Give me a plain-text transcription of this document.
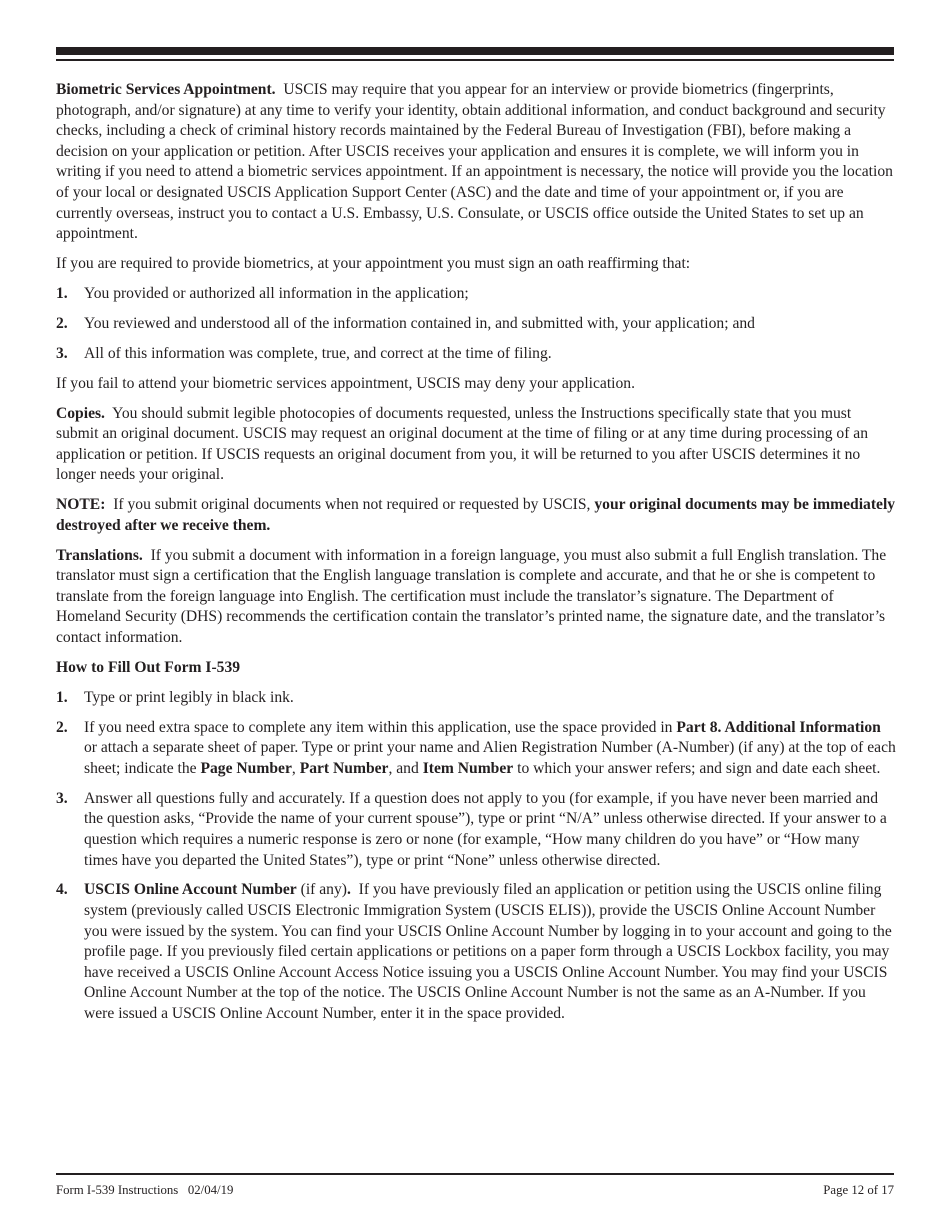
Biometric Services Appointment. USCIS may require that you appear for an interview or provide biometrics (fingerprints, photograph, and/or signature) at any time to verify your identity, obtain additional information, and conduct background and security checks, including a check of criminal history records maintained by the Federal Bureau of Investigation (FBI), before making a decision on your application or petition. After USCIS receives your application and ensures it is complete, we will inform you in writing if you need to attend a biometric services appointment. If an appointment is necessary, the notice will provide you the location of your local or designated USCIS Application Support Center (ASC) and the date and time of your appointment or, if you are currently overseas, instruct you to contact a U.S. Embassy, U.S. Consulate, or USCIS office outside the United States to set up an appointment.

If you are required to provide biometrics, at your appointment you must sign an oath reaffirming that:

1.	You provided or authorized all information in the application;
2.	You reviewed and understood all of the information contained in, and submitted with, your application; and
3.	All of this information was complete, true, and correct at the time of filing.

If you fail to attend your biometric services appointment, USCIS may deny your application.

Copies. You should submit legible photocopies of documents requested, unless the Instructions specifically state that you must submit an original document. USCIS may request an original document at the time of filing or at any time during processing of an application or petition. If USCIS requests an original document from you, it will be returned to you after USCIS determines it no longer needs your original.

NOTE: If you submit original documents when not required or requested by USCIS, your original documents may be immediately destroyed after we receive them.

Translations. If you submit a document with information in a foreign language, you must also submit a full English translation. The translator must sign a certification that the English language translation is complete and accurate, and that he or she is competent to translate from the foreign language into English. The certification must include the translator’s signature. The Department of Homeland Security (DHS) recommends the certification contain the translator’s printed name, the signature date, and the translator’s contact information.

How to Fill Out Form I-539
1.	Type or print legibly in black ink.
2.	If you need extra space to complete any item within this application, use the space provided in Part 8. Additional Information or attach a separate sheet of paper. Type or print your name and Alien Registration Number (A-Number) (if any) at the top of each sheet; indicate the Page Number, Part Number, and Item Number to which your answer refers; and sign and date each sheet.
3.	Answer all questions fully and accurately. If a question does not apply to you (for example, if you have never been married and the question asks, “Provide the name of your current spouse”), type or print “N/A” unless otherwise directed. If your answer to a question which requires a numeric response is zero or none (for example, “How many children do you have” or “How many times have you departed the United States”), type or print “None” unless otherwise directed.
4.	USCIS Online Account Number (if any). If you have previously filed an application or petition using the USCIS online filing system (previously called USCIS Electronic Immigration System (USCIS ELIS)), provide the USCIS Online Account Number you were issued by the system. You can find your USCIS Online Account Number by logging in to your account and going to the profile page. If you previously filed certain applications or petitions on a paper form through a USCIS Lockbox facility, you may have received a USCIS Online Account Access Notice issuing you a USCIS Online Account Number. You may find your USCIS Online Account Number at the top of the notice. The USCIS Online Account Number is not the same as an A-Number. If you were issued a USCIS Online Account Number, enter it in the space provided.
Form I-539 Instructions   02/04/19	Page 12 of 17
